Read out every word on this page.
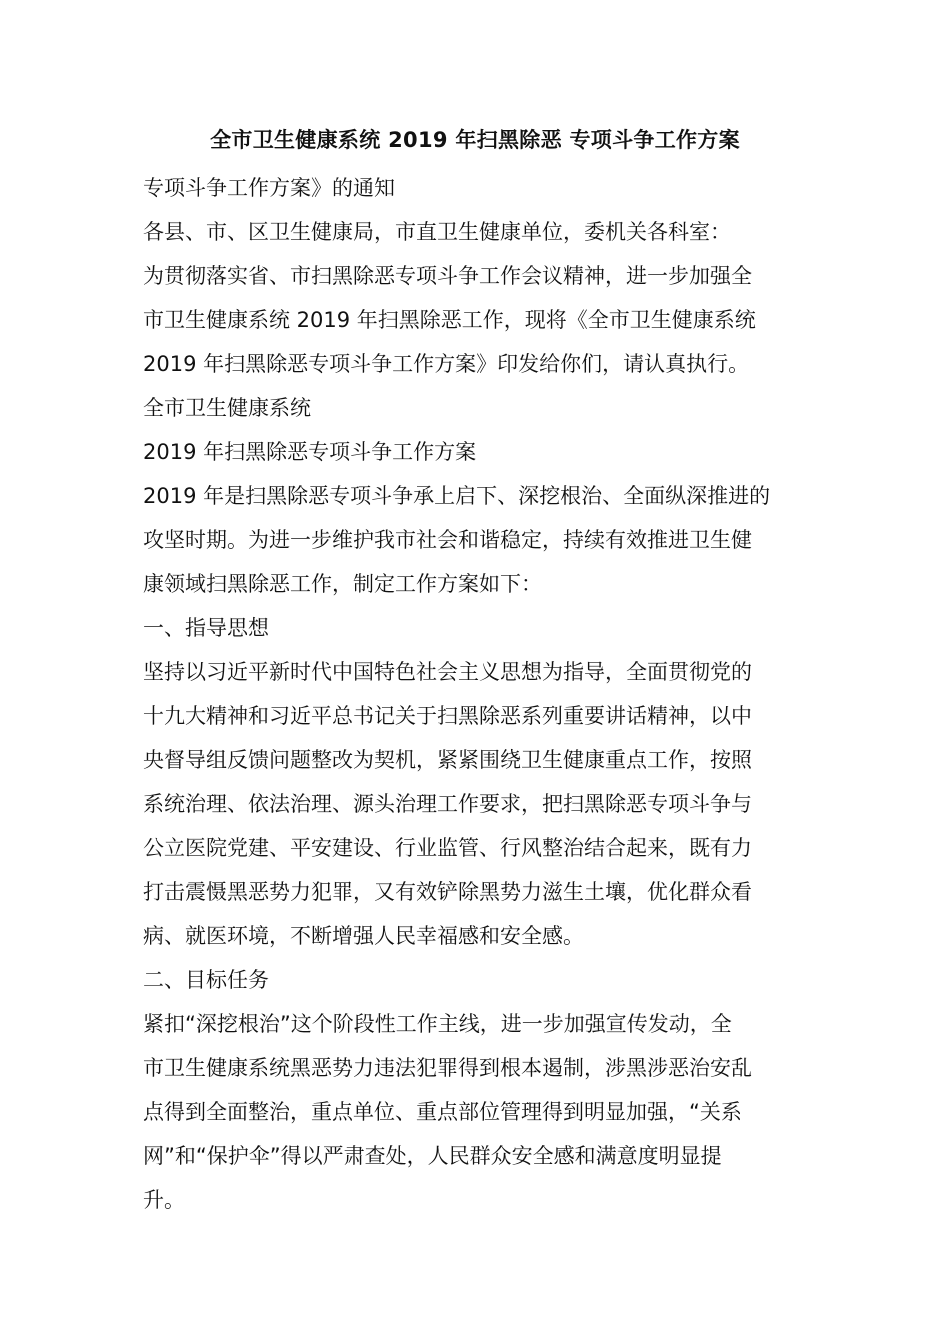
全市卫生健康系统 2019 年扫黑除恶 专项斗争工作方案
专项斗争工作方案》的通知
各县、市、区卫生健康局，市直卫生健康单位，委机关各科室：
为贯彻落实省、市扫黑除恶专项斗争工作会议精神，进一步加强全
市卫生健康系统 2019 年扫黑除恶工作，现将《全市卫生健康系统
2019 年扫黑除恶专项斗争工作方案》印发给你们，请认真执行。
全市卫生健康系统
2019 年扫黑除恶专项斗争工作方案
2019 年是扫黑除恶专项斗争承上启下、深挖根治、全面纵深推进的
攻坚时期。为进一步维护我市社会和谐稳定，持续有效推进卫生健
康领域扫黑除恶工作，制定工作方案如下：
一、指导思想
坚持以习近平新时代中国特色社会主义思想为指导，全面贯彻党的
十九大精神和习近平总书记关于扫黑除恶系列重要讲话精神，以中
央督导组反馈问题整改为契机，紧紧围绕卫生健康重点工作，按照
系统治理、依法治理、源头治理工作要求，把扫黑除恶专项斗争与
公立医院党建、平安建设、行业监管、行风整治结合起来，既有力
打击震慑黑恶势力犯罪，又有效铲除黑势力滋生土壤，优化群众看
病、就医环境，不断增强人民幸福感和安全感。
二、目标任务
紧扣“深挖根治”这个阶段性工作主线，进一步加强宣传发动，全
市卫生健康系统黑恶势力违法犯罪得到根本遏制，涉黑涉恶治安乱
点得到全面整治，重点单位、重点部位管理得到明显加强，“关系
网”和“保护伞”得以严肃查处，人民群众安全感和满意度明显提
升。
